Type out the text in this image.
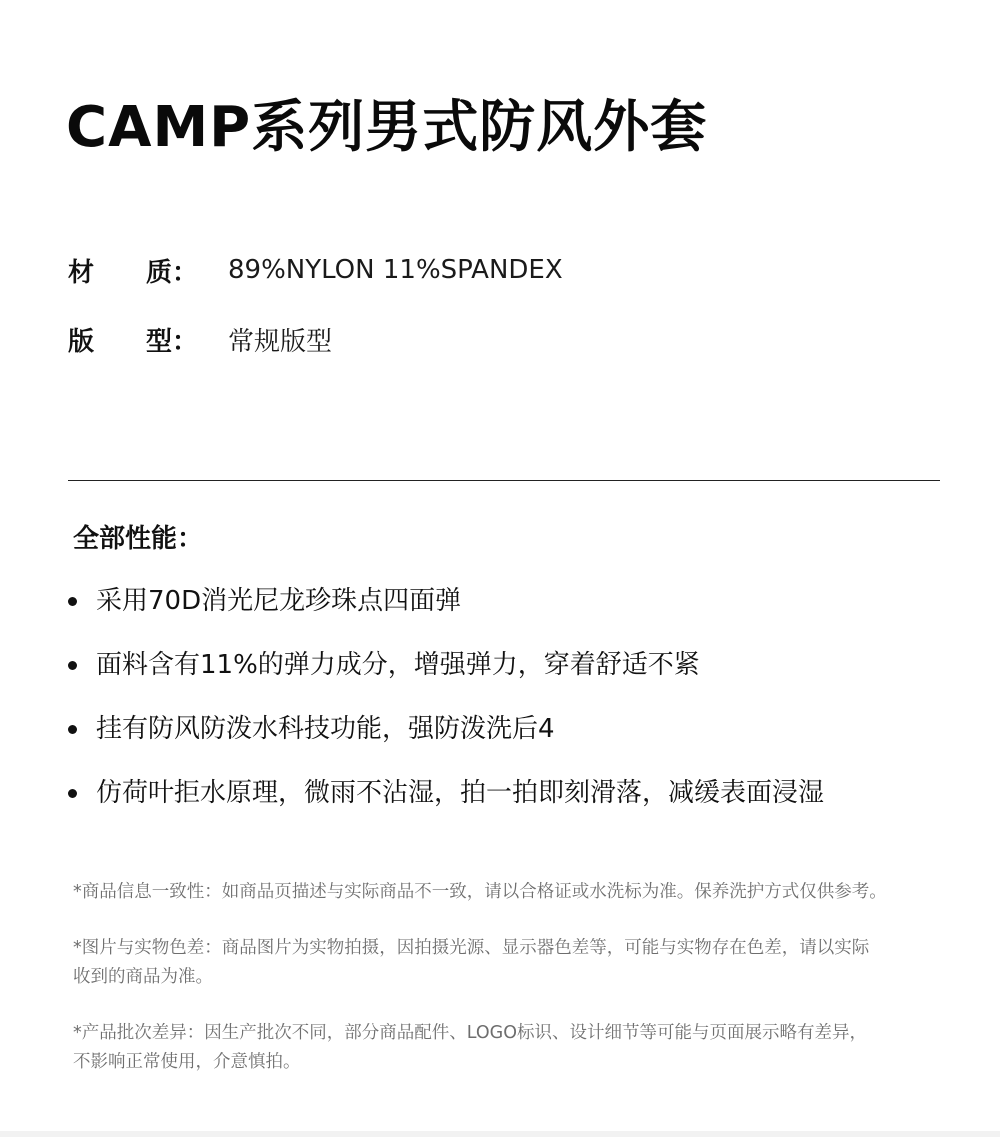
CAMP系列男式防风外套
材　　质：	89%NYLON 11%SPANDEX
版　　型：	常规版型
全部性能：
采用70D消光尼龙珍珠点四面弹
面料含有11%的弹力成分，增强弹力，穿着舒适不紧
挂有防风防泼水科技功能，强防泼洗后4
仿荷叶拒水原理，微雨不沾湿，拍一拍即刻滑落，减缓表面浸湿

*商品信息一致性：如商品页描述与实际商品不一致，请以合格证或水洗标为准。保养洗护方式仅供参考。

*图片与实物色差：商品图片为实物拍摄，因拍摄光源、显示器色差等，可能与实物存在色差，请以实际
收到的商品为准。

*产品批次差异：因生产批次不同，部分商品配件、LOGO标识、设计细节等可能与页面展示略有差异，
不影响正常使用，介意慎拍。
